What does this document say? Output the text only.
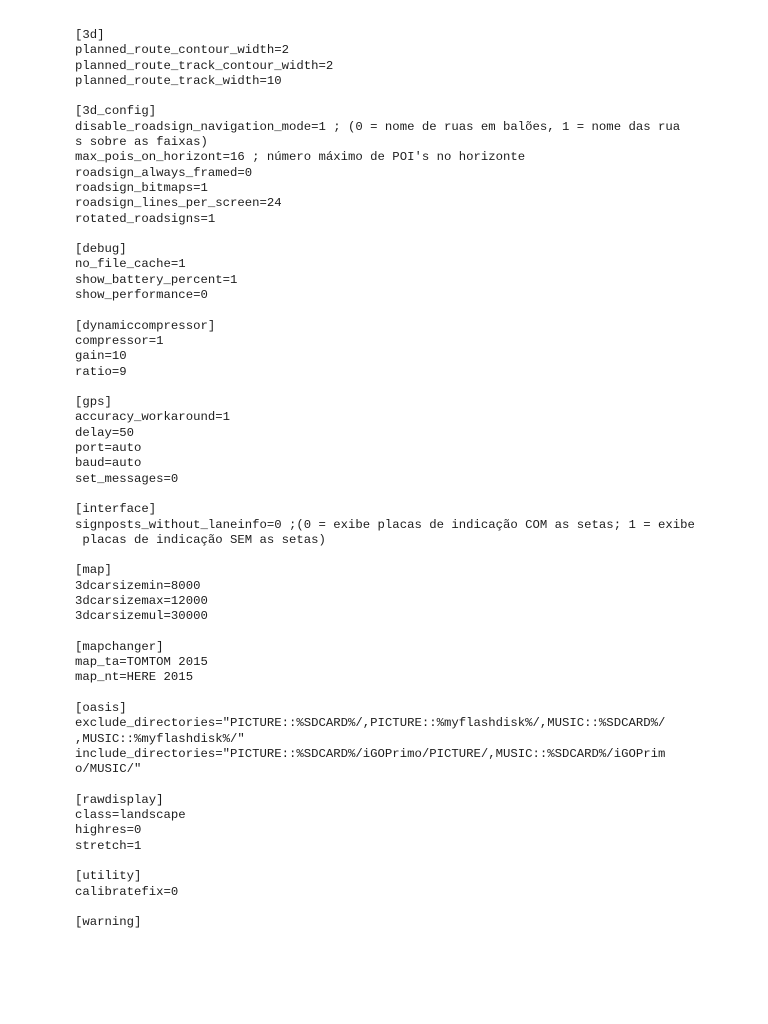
[3d]
planned_route_contour_width=2
planned_route_track_contour_width=2
planned_route_track_width=10
[3d_config]
disable_roadsign_navigation_mode=1 ; (0 = nome de ruas em balões, 1 = nome das rua
s sobre as faixas)
max_pois_on_horizont=16 ; número máximo de POI's no horizonte
roadsign_always_framed=0
roadsign_bitmaps=1
roadsign_lines_per_screen=24
rotated_roadsigns=1
[debug]
no_file_cache=1
show_battery_percent=1
show_performance=0
[dynamiccompressor]
compressor=1
gain=10
ratio=9
[gps]
accuracy_workaround=1
delay=50
port=auto
baud=auto
set_messages=0
[interface]
signposts_without_laneinfo=0 ;(0 = exibe placas de indicação COM as setas; 1 = exibe
placas de indicação SEM as setas)
[map]
3dcarsizemin=8000
3dcarsizemax=12000
3dcarsizemul=30000
[mapchanger]
map_ta=TOMTOM 2015
map_nt=HERE 2015
[oasis]
exclude_directories="PICTURE::%SDCARD%/,PICTURE::%myflashdisk%/,MUSIC::%SDCARD%/
,MUSIC::%myflashdisk%/"
include_directories="PICTURE::%SDCARD%/iGOPrimo/PICTURE/,MUSIC::%SDCARD%/iGOPrim
o/MUSIC/"
[rawdisplay]
class=landscape
highres=0
stretch=1
[utility]
calibratefix=0
[warning]
